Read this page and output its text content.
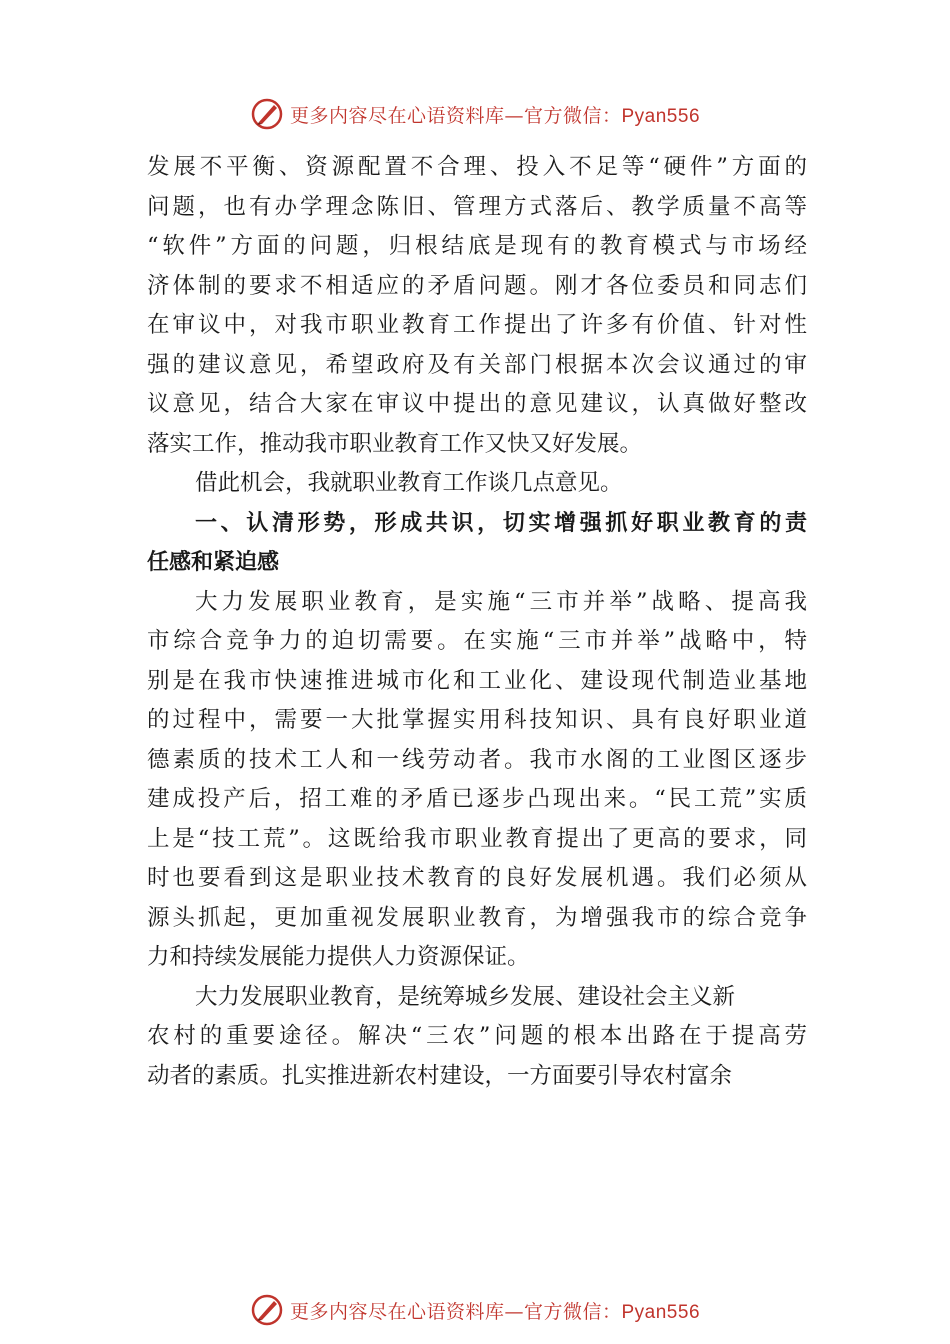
更多内容尽在心语资料库—官方微信：Pyan556
发展不平衡、资源配置不合理、投入不足等“硬件”方面的
问题，也有办学理念陈旧、管理方式落后、教学质量不高等
“软件”方面的问题，归根结底是现有的教育模式与市场经
济体制的要求不相适应的矛盾问题。刚才各位委员和同志们
在审议中，对我市职业教育工作提出了许多有价值、针对性
强的建议意见，希望政府及有关部门根据本次会议通过的审
议意见，结合大家在审议中提出的意见建议，认真做好整改
落实工作，推动我市职业教育工作又快又好发展。
借此机会，我就职业教育工作谈几点意见。
一、认清形势，形成共识，切实增强抓好职业教育的责
任感和紧迫感
大力发展职业教育，是实施“三市并举”战略、提高我
市综合竞争力的迫切需要。在实施“三市并举”战略中，特
别是在我市快速推进城市化和工业化、建设现代制造业基地
的过程中，需要一大批掌握实用科技知识、具有良好职业道
德素质的技术工人和一线劳动者。我市水阁的工业图区逐步
建成投产后，招工难的矛盾已逐步凸现出来。“民工荒”实质
上是“技工荒”。这既给我市职业教育提出了更高的要求，同
时也要看到这是职业技术教育的良好发展机遇。我们必须从
源头抓起，更加重视发展职业教育，为增强我市的综合竞争
力和持续发展能力提供人力资源保证。
大力发展职业教育，是统筹城乡发展、建设社会主义新
农村的重要途径。解决“三农”问题的根本出路在于提高劳
动者的素质。扎实推进新农村建设，一方面要引导农村富余
更多内容尽在心语资料库—官方微信：Pyan556
